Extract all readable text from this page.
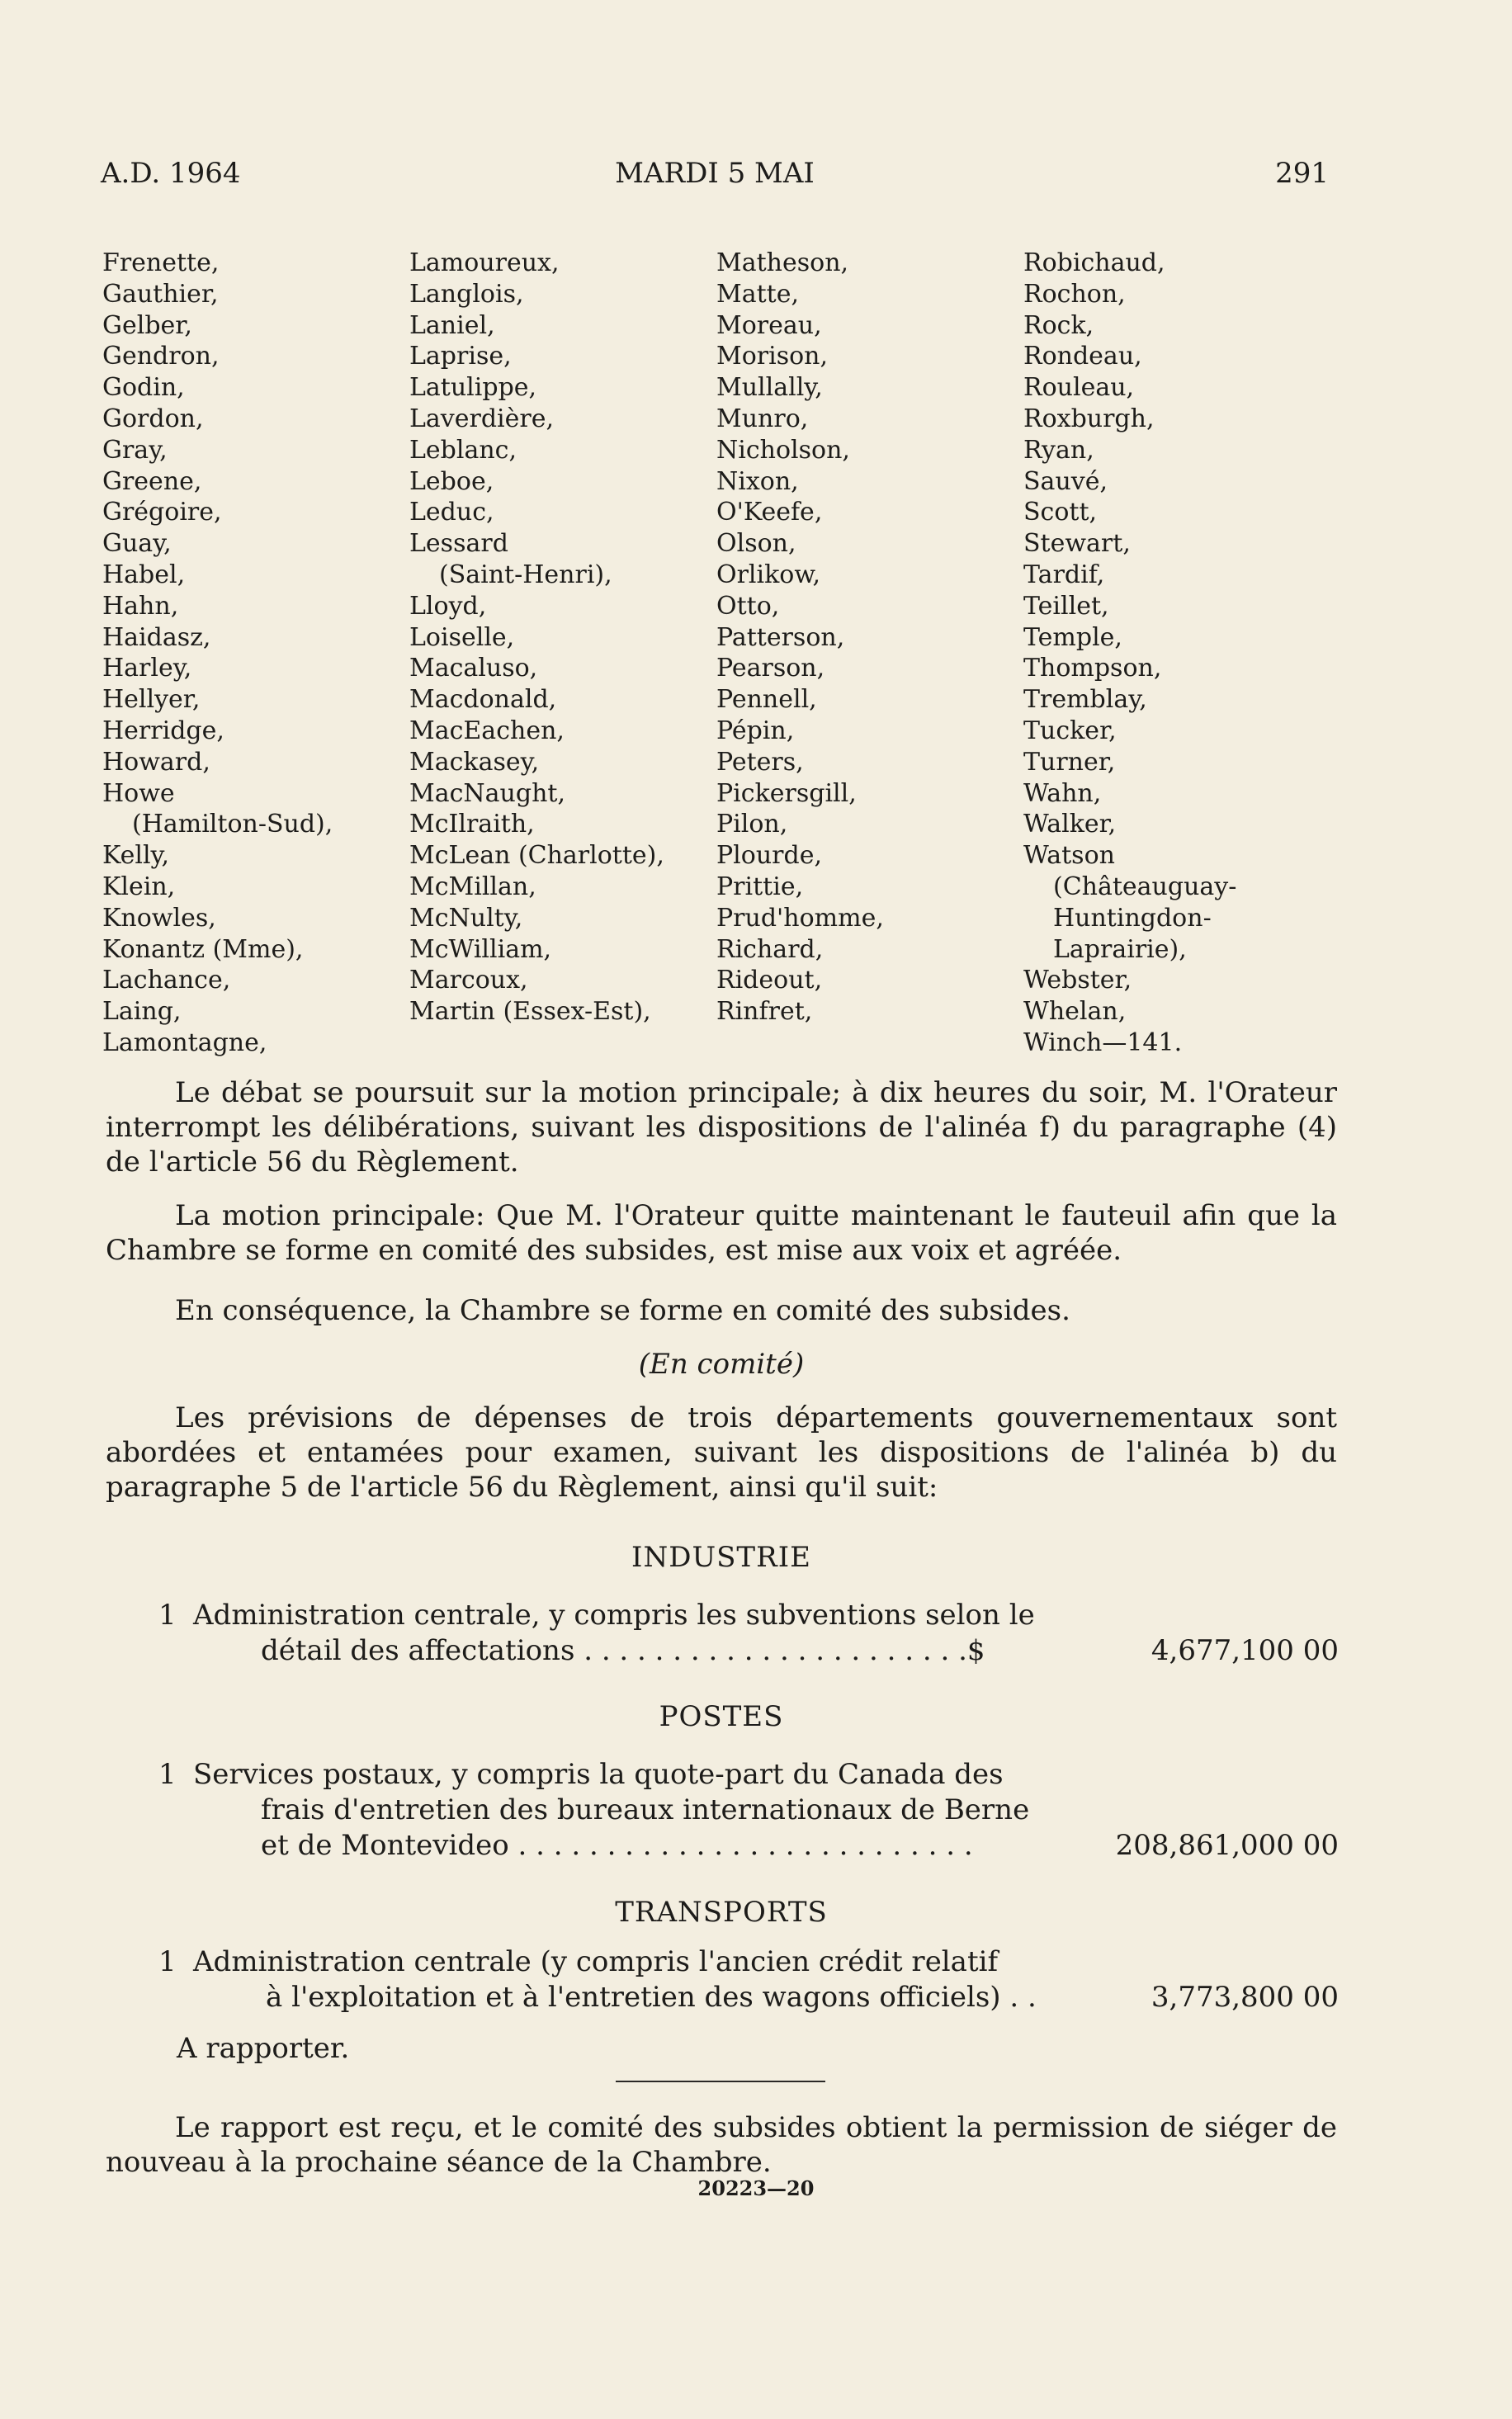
A.D. 1964	MARDI 5 MAI	291
Frenette,
Gauthier,
Gelber,
Gendron,
Godin,
Gordon,
Gray,
Greene,
Grégoire,
Guay,
Habel,
Hahn,
Haidasz,
Harley,
Hellyer,
Herridge,
Howard,
Howe
(Hamilton-Sud),
Kelly,
Klein,
Knowles,
Konantz (Mme),
Lachance,
Laing,
Lamontagne,
Lamoureux,
Langlois,
Laniel,
Laprise,
Latulippe,
Laverdière,
Leblanc,
Leboe,
Leduc,
Lessard
(Saint-Henri),
Lloyd,
Loiselle,
Macaluso,
Macdonald,
MacEachen,
Mackasey,
MacNaught,
McIlraith,
McLean (Charlotte),
McMillan,
McNulty,
McWilliam,
Marcoux,
Martin (Essex-Est),
Matheson,
Matte,
Moreau,
Morison,
Mullally,
Munro,
Nicholson,
Nixon,
O'Keefe,
Olson,
Orlikow,
Otto,
Patterson,
Pearson,
Pennell,
Pépin,
Peters,
Pickersgill,
Pilon,
Plourde,
Prittie,
Prud'homme,
Richard,
Rideout,
Rinfret,
Robichaud,
Rochon,
Rock,
Rondeau,
Rouleau,
Roxburgh,
Ryan,
Sauvé,
Scott,
Stewart,
Tardif,
Teillet,
Temple,
Thompson,
Tremblay,
Tucker,
Turner,
Wahn,
Walker,
Watson
(Châteauguay-
Huntingdon-
Laprairie),
Webster,
Whelan,
Winch—141.
Le débat se poursuit sur la motion principale; à dix heures du soir, M. l'Orateur interrompt les délibérations, suivant les dispositions de l'alinéa f) du paragraphe (4) de l'article 56 du Règlement.
La motion principale: Que M. l'Orateur quitte maintenant le fauteuil afin que la Chambre se forme en comité des subsides, est mise aux voix et agréée.
En conséquence, la Chambre se forme en comité des subsides.
(En comité)
Les prévisions de dépenses de trois départements gouvernementaux sont abordées et entamées pour examen, suivant les dispositions de l'alinéa b) du paragraphe 5 de l'article 56 du Règlement, ainsi qu'il suit:
INDUSTRIE
1 Administration centrale, y compris les subventions selon le
détail des affectations . . . . . . . . . . . . . . . . . . . . . .$	4,677,100 00
POSTES
1 Services postaux, y compris la quote-part du Canada des
frais d'entretien des bureaux internationaux de Berne
et de Montevideo . . . . . . . . . . . . . . . . . . . . . . . . . .	208,861,000 00
TRANSPORTS
1 Administration centrale (y compris l'ancien crédit relatif
à l'exploitation et à l'entretien des wagons officiels) . .	3,773,800 00
A rapporter.
Le rapport est reçu, et le comité des subsides obtient la permission de siéger de nouveau à la prochaine séance de la Chambre.
20223—20
